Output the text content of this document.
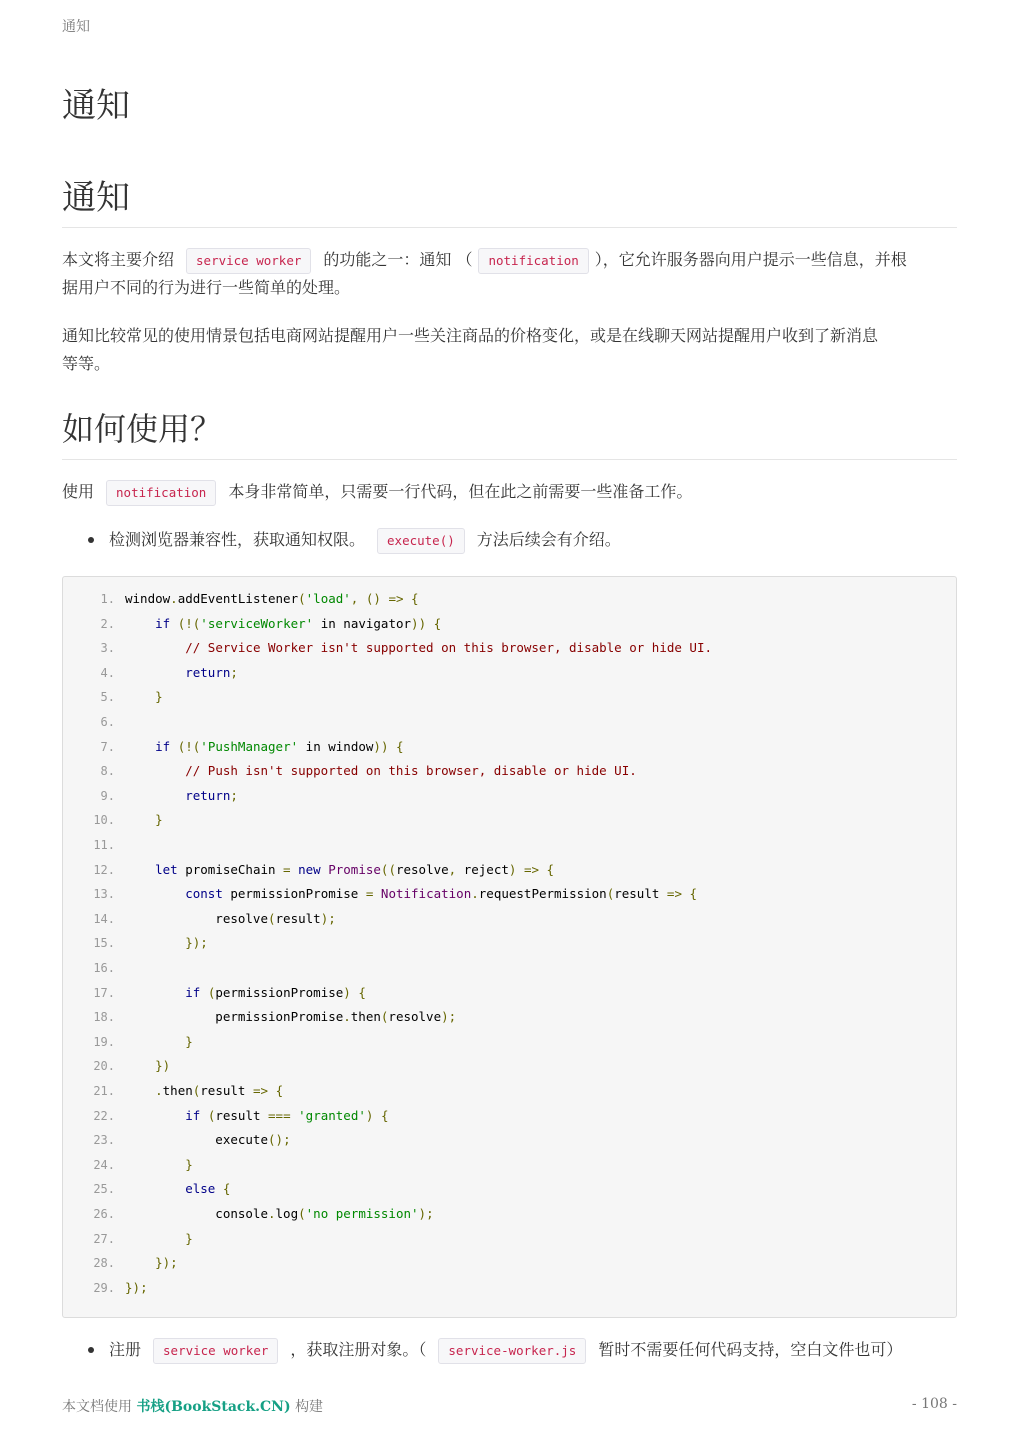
通知
通知
通知
本文将主要介绍 service worker 的功能之一：通知 （ notification ），它允许服务器向用户提示一些信息，并根
据用户不同的行为进行一些简单的处理。
通知比较常见的使用情景包括电商网站提醒用户一些关注商品的价格变化，或是在线聊天网站提醒用户收到了新消息
等等。
如何使用？
使用 notification 本身非常简单，只需要一行代码，但在此之前需要一些准备工作。
检测浏览器兼容性，获取通知权限。 execute() 方法后续会有介绍。
1. window.addEventListener('load', () => {
2.	if (!('serviceWorker' in navigator)) {
3.	// Service Worker isn't supported on this browser, disable or hide UI.
4.	return;
5.	}
6.
7.	if (!('PushManager' in window)) {
8.	// Push isn't supported on this browser, disable or hide UI.
9.	return;
10.	}
11.
12.	let promiseChain = new Promise((resolve, reject) => {
13.	const permissionPromise = Notification.requestPermission(result => {
14.            resolve(result);
15.	});
16.
17.	if (permissionPromise) {
18.            permissionPromise.then(resolve);
19.	}
20.	})
21.	.then(result => {
22.	if (result === 'granted') {
23.            execute();
24.	}
25.	else {
26.            console.log('no permission');
27.	}
28.	});
29. });
注册 service worker ，获取注册对象。（ service-worker.js 暂时不需要任何代码支持，空白文件也可）
本文档使用 书栈(BookStack.CN) 构建	- 108 -
